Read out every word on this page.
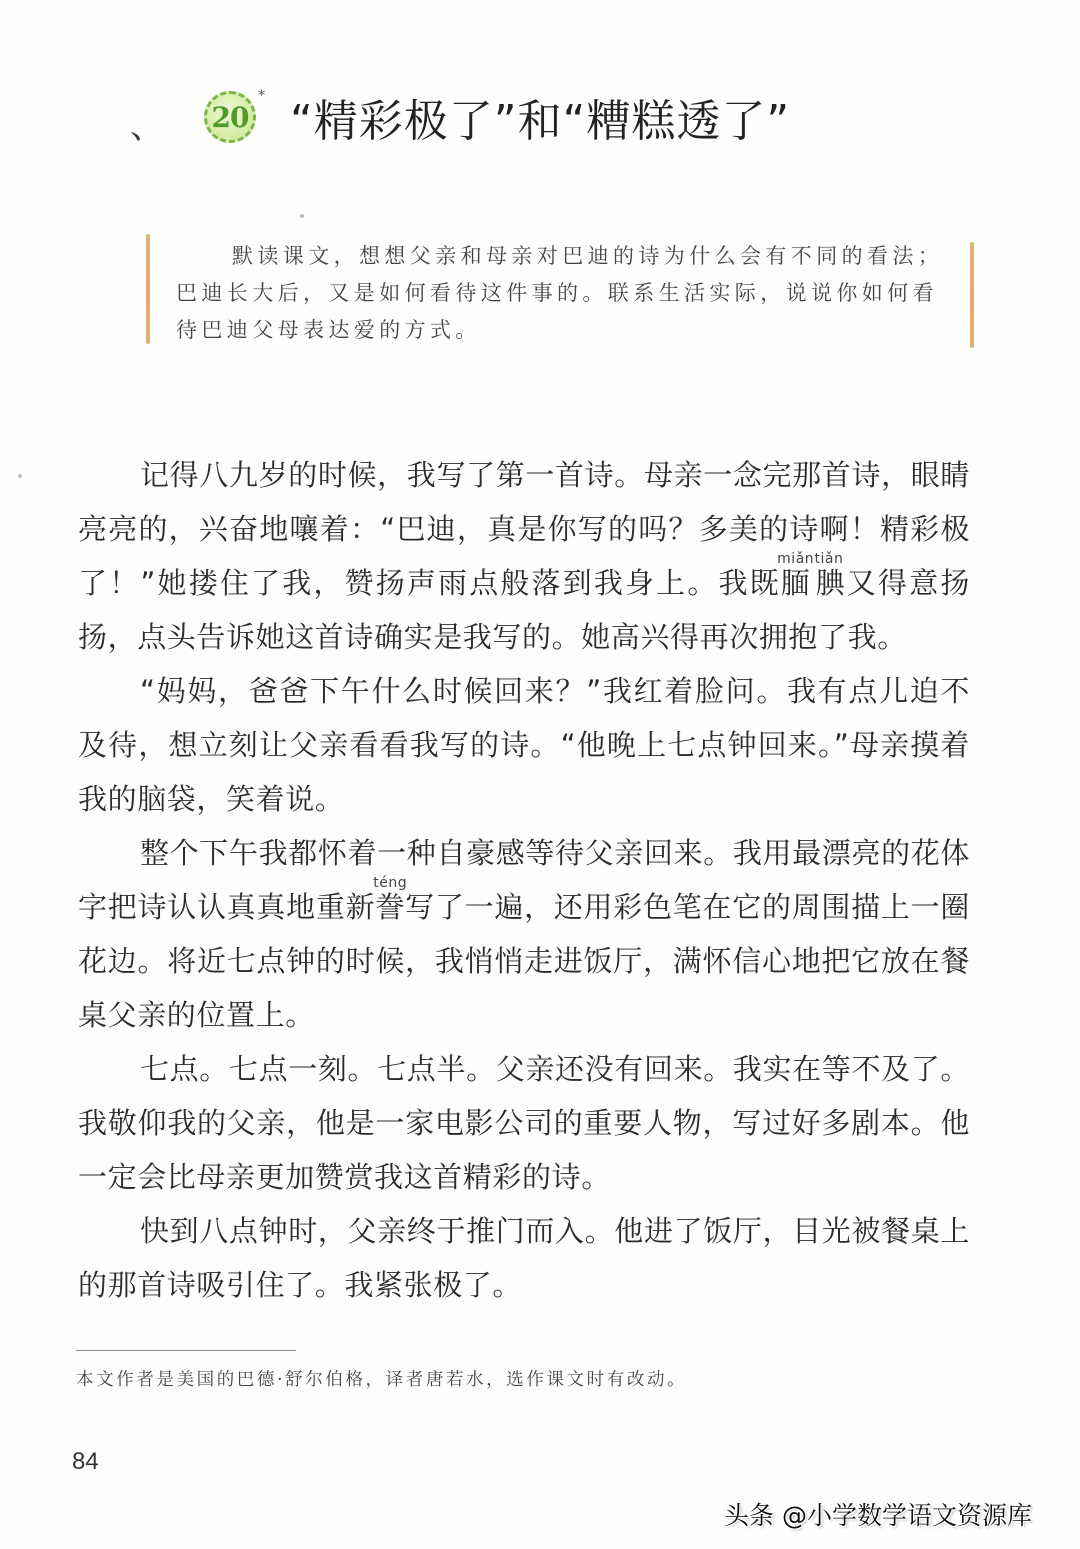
、 20
* “精彩极了”和“糟糕透了”

默读课文，想想父亲和母亲对巴迪的诗为什么会有不同的看法；巴迪长大后，又是如何看待这件事的。联系生活实际，说说你如何看待巴迪父母表达爱的方式。

记得八九岁的时候，我写了第一首诗。母亲一念完那首诗，眼睛亮亮的，兴奋地嚷着：“巴迪，真是你写的吗？多美的诗啊！精彩极了！”她搂住了我，赞扬声雨点般落到我身上。我既腼miǎn腆tiǎn又得意扬扬，点头告诉她这首诗确实是我写的。她高兴得再次拥抱了我。

“妈妈，爸爸下午什么时候回来？”我红着脸问。我有点儿迫不及待，想立刻让父亲看看我写的诗。“他晚上七点钟回来。”母亲摸着我的脑袋，笑着说。

整个下午我都怀着一种自豪感等待父亲回来。我用最漂亮的花体字把诗认认真真地重新誊téng写了一遍，还用彩色笔在它的周围描上一圈花边。将近七点钟的时候，我悄悄走进饭厅，满怀信心地把它放在餐桌父亲的位置上。

七点。七点一刻。七点半。父亲还没有回来。我实在等不及了。我敬仰我的父亲，他是一家电影公司的重要人物，写过好多剧本。他一定会比母亲更加赞赏我这首精彩的诗。

快到八点钟时，父亲终于推门而入。他进了饭厅，目光被餐桌上的那首诗吸引住了。我紧张极了。

本文作者是美国的巴德·舒尔伯格，译者唐若水，选作课文时有改动。
84
头条 @小学数学语文资源库
